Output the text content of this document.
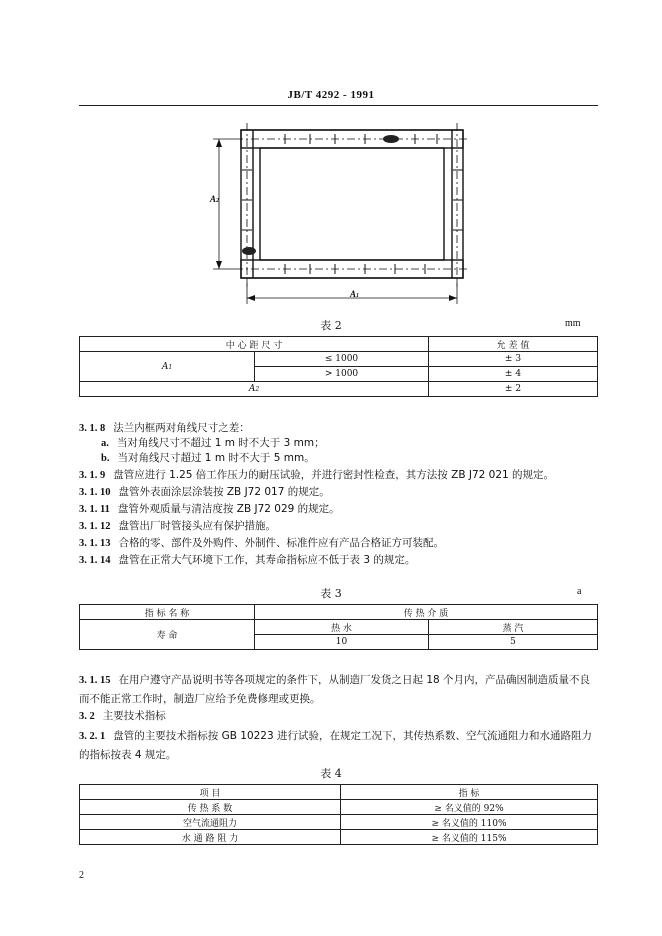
JB/T 4292 - 1991
A2
A1
表 2	mm
中 心 距 尺 寸		允 差 值
A1	≤ 1000	± 3
	> 1000	± 4
A2		± 2
3. 1. 8 法兰内框两对角线尺寸之差：
a. 当对角线尺寸不超过 1 m 时不大于 3 mm；
b. 当对角线尺寸超过 1 m 时不大于 5 mm。
3. 1. 9 盘管应进行 1.25 倍工作压力的耐压试验，并进行密封性检查，其方法按 ZB J72 021 的规定。
3. 1. 10 盘管外表面涂层涂装按 ZB J72 017 的规定。
3. 1. 11 盘管外观质量与清洁度按 ZB J72 029 的规定。
3. 1. 12 盘管出厂时管接头应有保护措施。
3. 1. 13 合格的零、部件及外购件、外制件、标准件应有产品合格证方可装配。
3. 1. 14 盘管在正常大气环境下工作，其寿命指标应不低于表 3 的规定。
表 3	a
指 标 名 称	传 热 介 质	
寿 命	热 水	蒸 汽
	10	5
3. 1. 15 在用户遵守产品说明书等各项规定的条件下，从制造厂发货之日起 18 个月内，产品确因制造质量不良而不能正常工作时，制造厂应给予免费修理或更换。
3. 2 主要技术指标
3. 2. 1 盘管的主要技术指标按 GB 10223 进行试验，在规定工况下，其传热系数、空气流通阻力和水通路阻力的指标按表 4 规定。
表 4
项 目	指 标
传 热 系 数	≥ 名义值的 92%
空气流通阻力	≥ 名义值的 110%
水 通 路 阻 力	≥ 名义值的 115%
2
